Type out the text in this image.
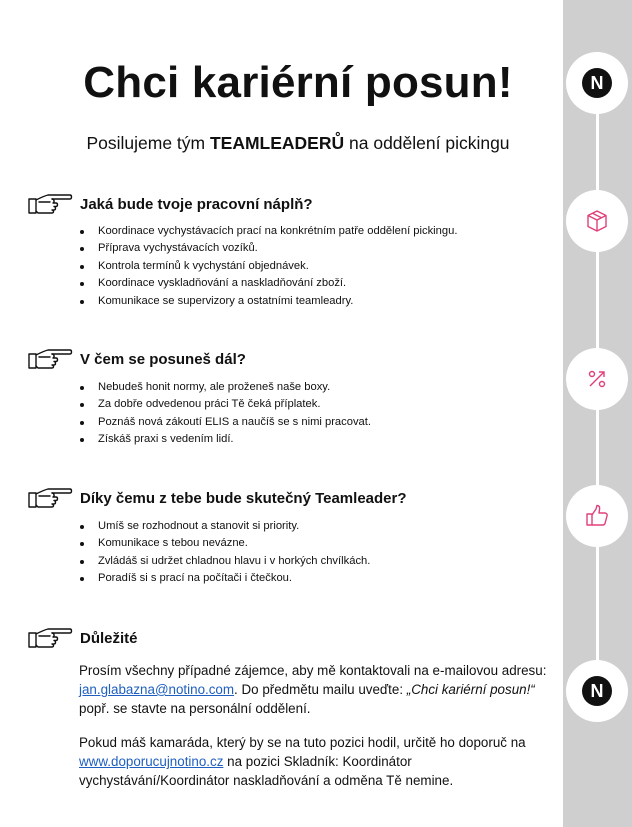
N
N
Chci kariérní posun!
Posilujeme tým TEAMLEADERŮ na oddělení pickingu
Jaká bude tvoje pracovní náplň?
Koordinace vychystávacích prací na konkrétním patře oddělení pickingu.
Příprava vychystávacích vozíků.
Kontrola termínů k vychystání objednávek.
Koordinace vyskladňování a naskladňování zboží.
Komunikace se supervizory a ostatními teamleadry.
V čem se posuneš dál?
Nebudeš honit normy, ale proženeš naše boxy.
Za dobře odvedenou práci Tě čeká příplatek.
Poznáš nová zákoutí ELIS a naučíš se s nimi pracovat.
Získáš praxi s vedením lidí.
Díky čemu z tebe bude skutečný Teamleader?
Umíš se rozhodnout a stanovit si priority.
Komunikace s tebou nevázne.
Zvládáš si udržet chladnou hlavu i v horkých chvílkách.
Poradíš si s prací na počítači i čtečkou.
Důležité

Prosím všechny případné zájemce, aby mě kontaktovali na e-mailovou adresu: jan.glabazna@notino.com. Do předmětu mailu uveďte: „Chci kariérní posun!“ popř. se stavte na personální oddělení.

Pokud máš kamaráda, který by se na tuto pozici hodil, určitě ho doporuč na www.doporucujnotino.cz na pozici Skladník: Koordinátor vychystávání/Koordinátor naskladňování a odměna Tě nemine.
